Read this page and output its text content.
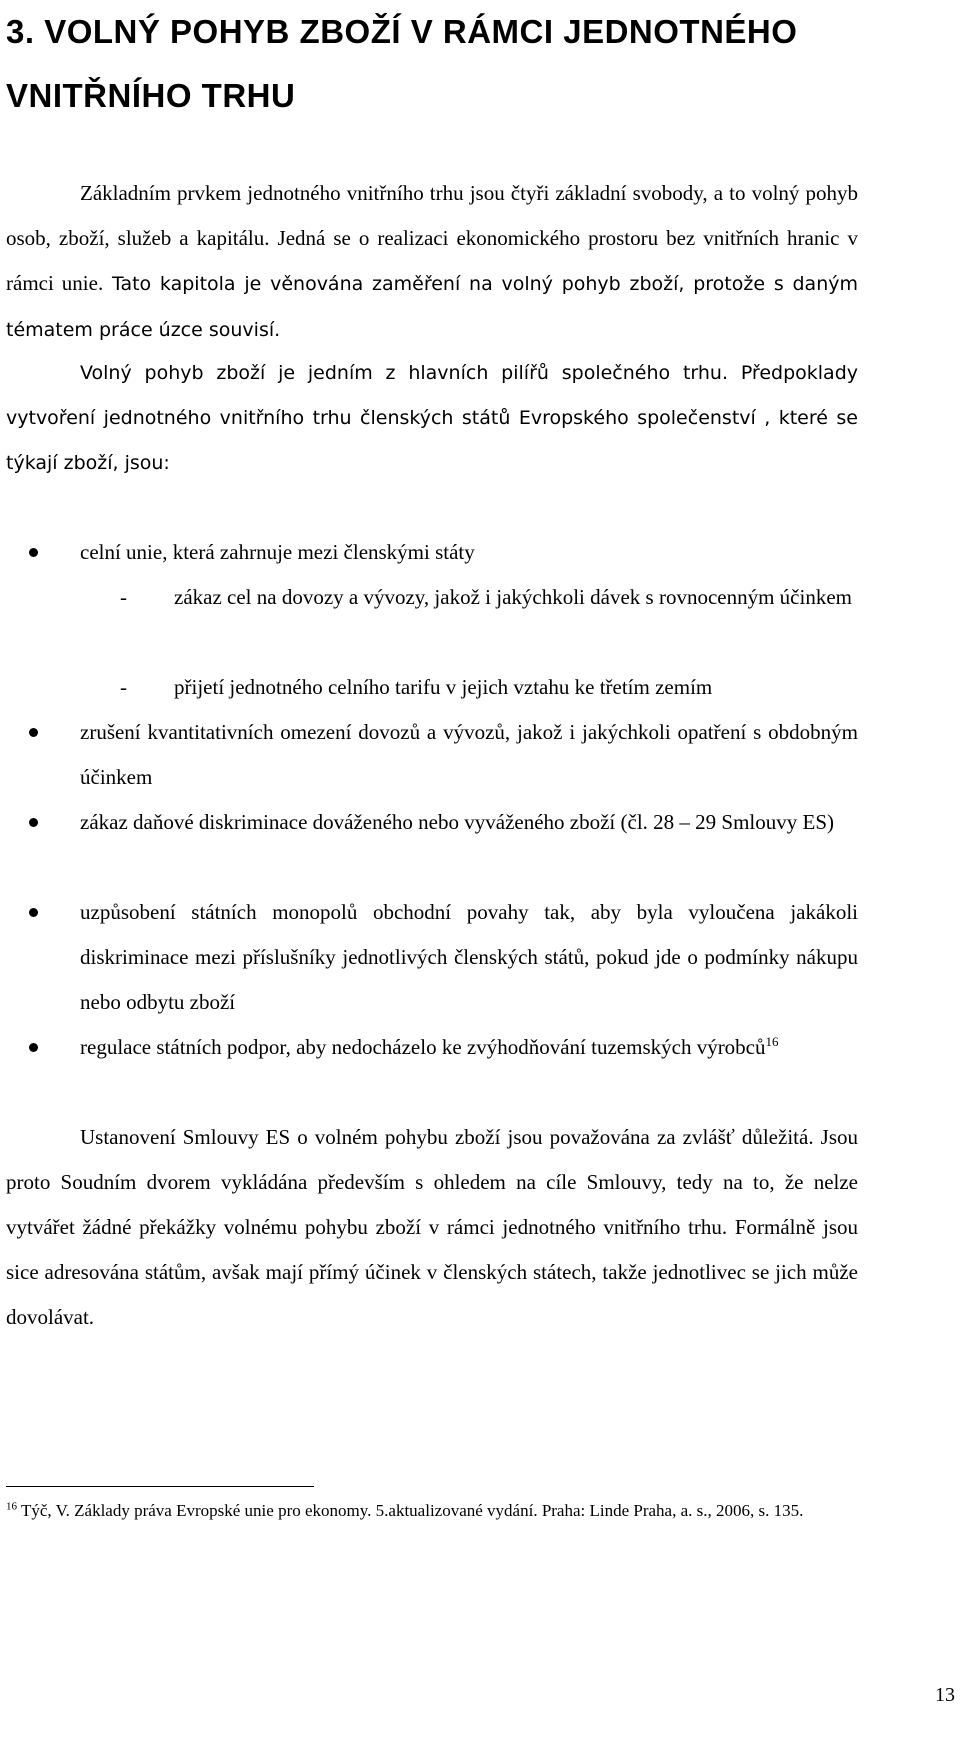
3. VOLNÝ POHYB ZBOŽÍ V RÁMCI JEDNOTNÉHO
VNITŘNÍHO TRHU

Základním prvkem jednotného vnitřního trhu jsou čtyři základní svobody, a to volný pohyb osob, zboží, služeb a kapitálu. Jedná se o realizaci ekonomického prostoru bez vnitřních hranic v rámci unie. Tato kapitola je věnována zaměření na volný pohyb zboží, protože s daným tématem práce úzce souvisí.

Volný pohyb zboží je jedním z hlavních pilířů společného trhu. Předpoklady vytvoření jednotného vnitřního trhu členských států Evropského společenství , které se týkají zboží, jsou:

celní unie, která zahrnuje mezi členskými státy

- zákaz cel na dovozy a vývozy, jakož i jakýchkoli dávek s rovnocenným účinkem

- přijetí jednotného celního tarifu v jejich vztahu ke třetím zemím

zrušení kvantitativních omezení dovozů a vývozů, jakož i jakýchkoli opatření s obdobným účinkem

zákaz daňové diskriminace dováženého nebo vyváženého zboží (čl. 28 – 29 Smlouvy ES)

uzpůsobení státních monopolů obchodní povahy tak, aby byla vyloučena jakákoli diskriminace mezi příslušníky jednotlivých členských států, pokud jde o podmínky nákupu nebo odbytu zboží

regulace státních podpor, aby nedocházelo ke zvýhodňování tuzemských výrobců$^{16}$

Ustanovení Smlouvy ES o volném pohybu zboží jsou považována za zvlášť důležitá. Jsou proto Soudním dvorem vykládána především s ohledem na cíle Smlouvy, tedy na to, že nelze vytvářet žádné překážky volnému pohybu zboží v rámci jednotného vnitřního trhu. Formálně jsou sice adresována státům, avšak mají přímý účinek v členských státech, takže jednotlivec se jich může dovolávat.

$^{16}$ Týč, V. Základy práva Evropské unie pro ekonomy. 5.aktualizované vydání. Praha: Linde Praha, a. s., 2006, s. 135.

13
